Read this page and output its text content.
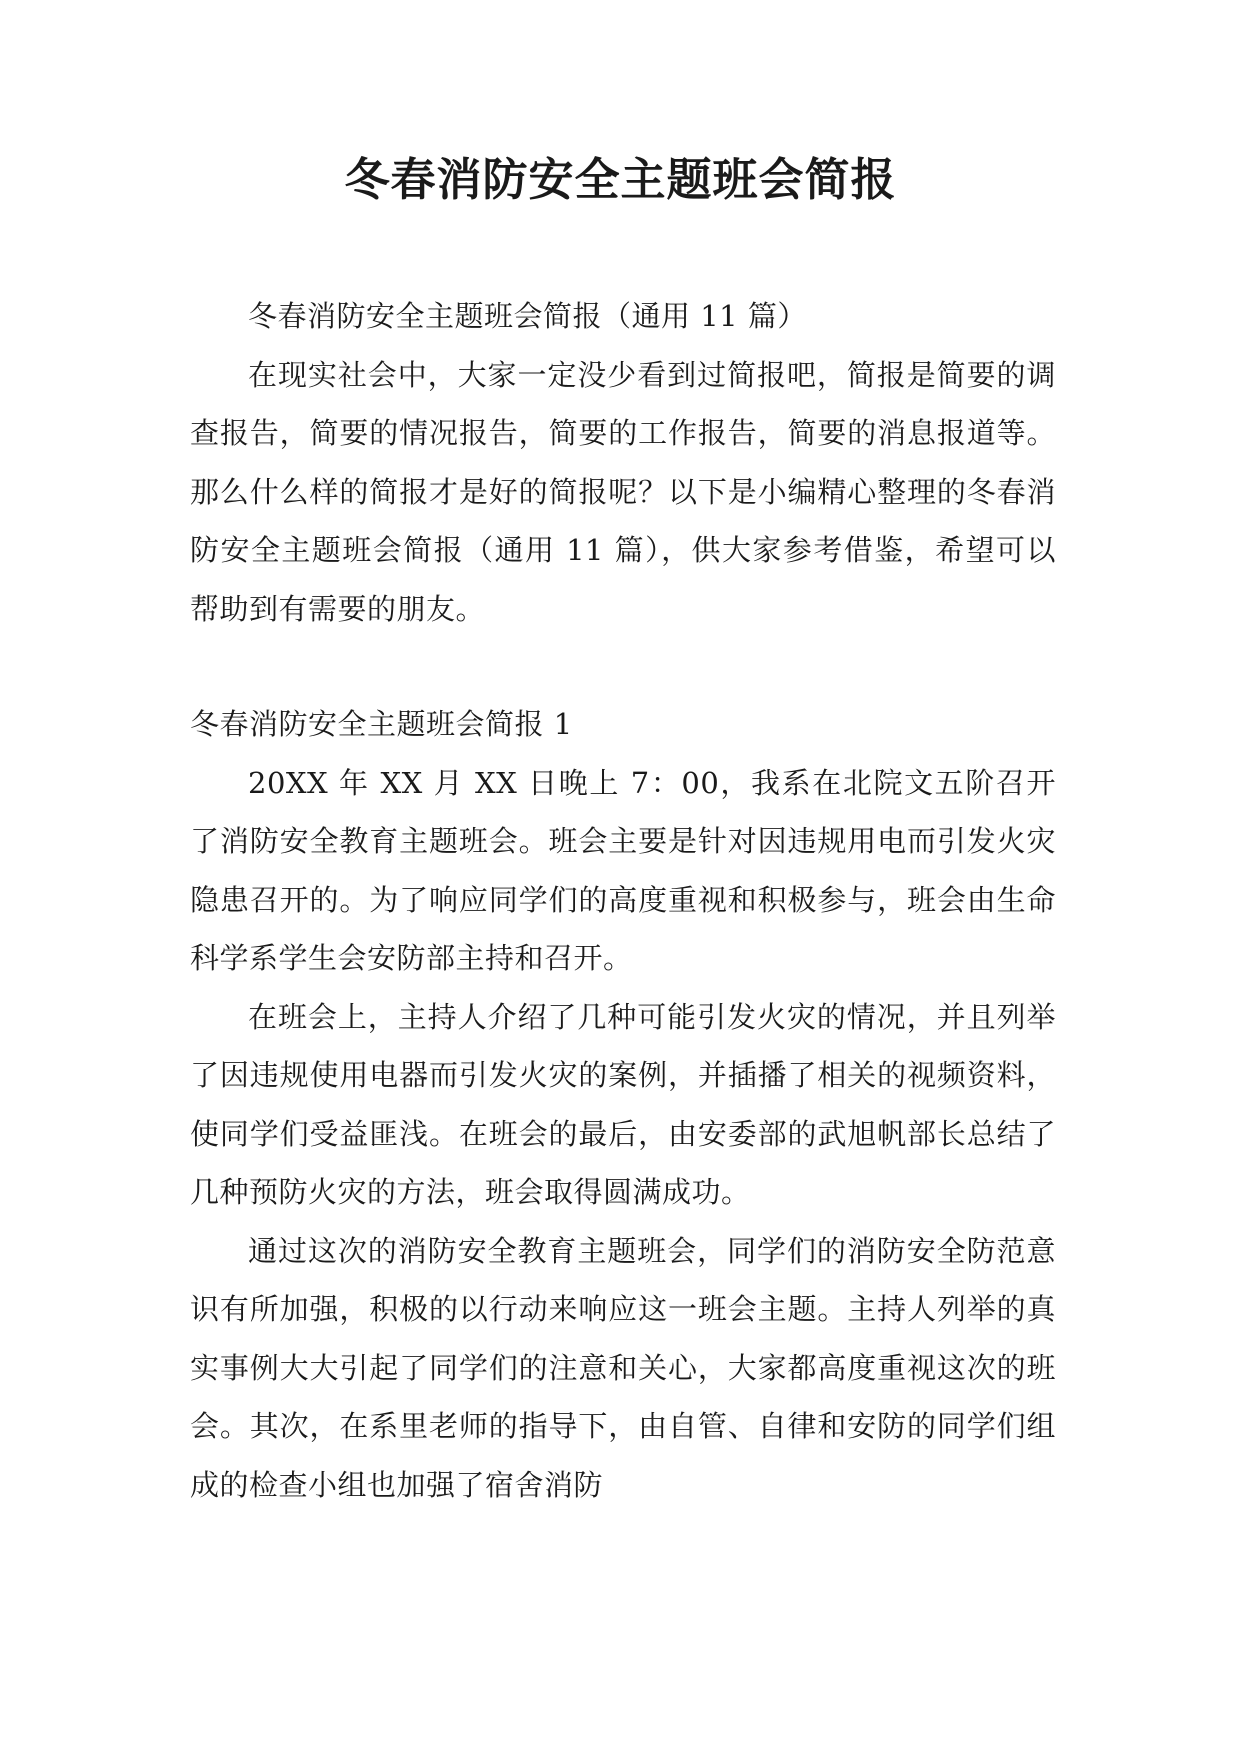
冬春消防安全主题班会简报

冬春消防安全主题班会简报（通用 11 篇）

在现实社会中，大家一定没少看到过简报吧，简报是简要的调查报告，简要的情况报告，简要的工作报告，简要的消息报道等。那么什么样的简报才是好的简报呢？以下是小编精心整理的冬春消防安全主题班会简报（通用 11 篇），供大家参考借鉴，希望可以帮助到有需要的朋友。

冬春消防安全主题班会简报 1

20XX 年 XX 月 XX 日晚上 7：00，我系在北院文五阶召开了消防安全教育主题班会。班会主要是针对因违规用电而引发火灾隐患召开的。为了响应同学们的高度重视和积极参与，班会由生命科学系学生会安防部主持和召开。

在班会上，主持人介绍了几种可能引发火灾的情况，并且列举了因违规使用电器而引发火灾的案例，并插播了相关的视频资料，使同学们受益匪浅。在班会的最后，由安委部的武旭帆部长总结了几种预防火灾的方法，班会取得圆满成功。

通过这次的消防安全教育主题班会，同学们的消防安全防范意识有所加强，积极的以行动来响应这一班会主题。主持人列举的真实事例大大引起了同学们的注意和关心，大家都高度重视这次的班会。其次，在系里老师的指导下，由自管、自律和安防的同学们组成的检查小组也加强了宿舍消防
